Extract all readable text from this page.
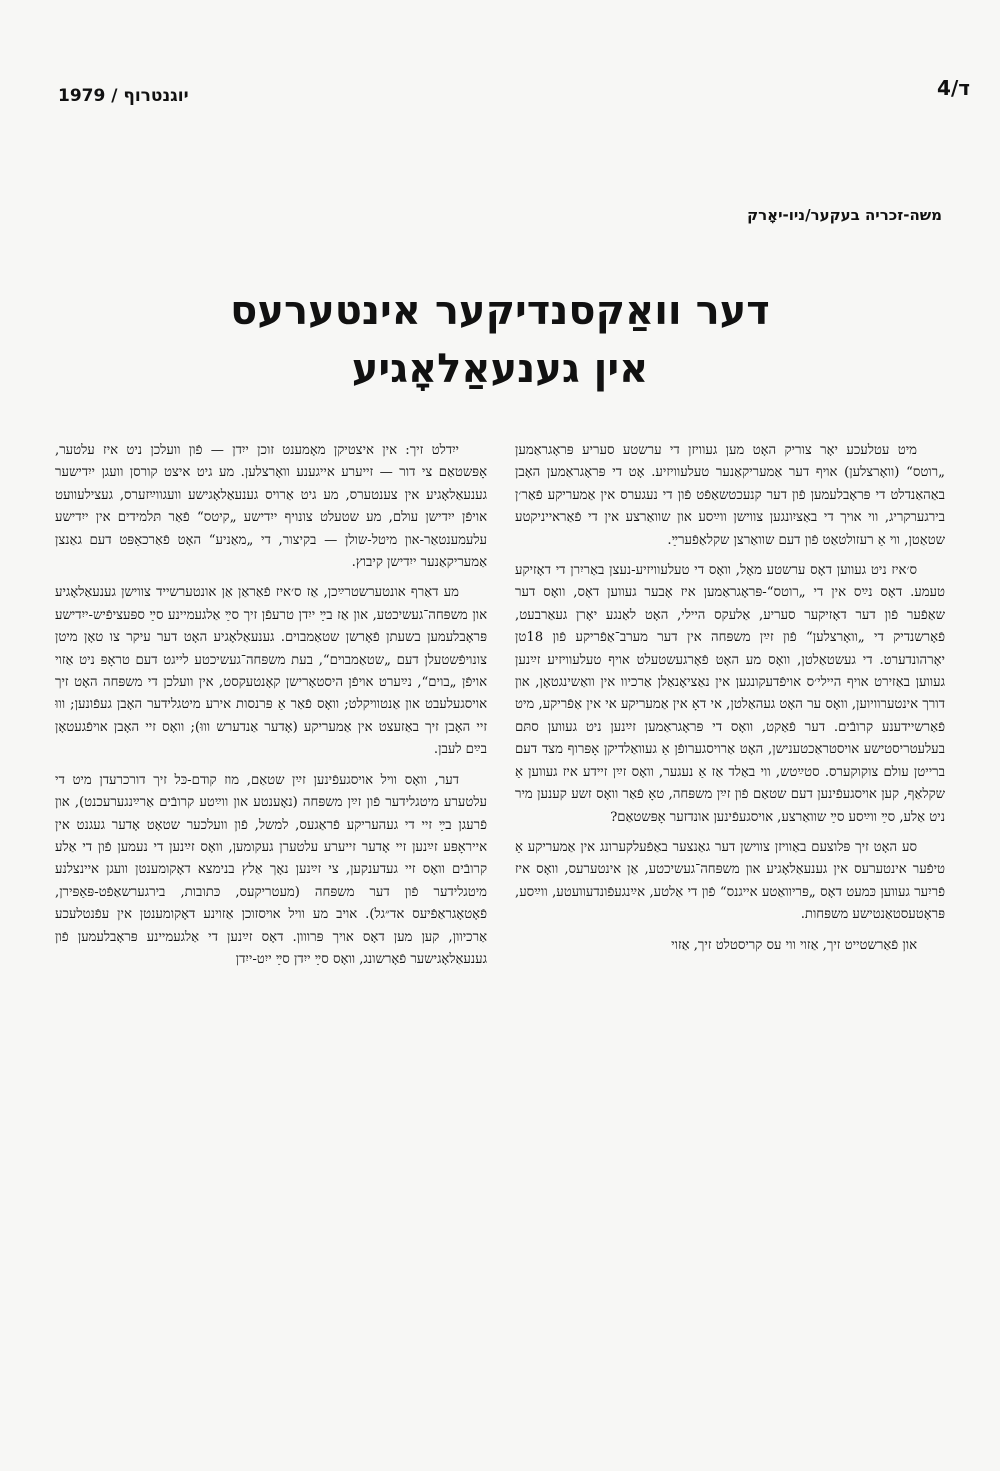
ד/4
יוגנטרוף / 1979
משה-זכריה בעקער/ניו-יאָרק
דער וואַקסנדיקער אינטערעס
אין גענעאַלאָגיע

מיט עטלעכע יאָר צוריק האָט מען געוויזן די ערשטע סעריע פּראָגראַמען „רוטס“ (וואָרצלען) אויף דער אַמעריקאַנער טעלעוויזיע. אָט די פּראָגראַמען האָבן באַהאַנדלט די פּראָבלעמען פֿון דער קנעכטשאַפֿט פֿון די נעגערס אין אַמעריקע פֿאַר׳ן בירגערקריג, ווי אויך די באַציִונגען צווישן ווײַסע און שוואַרצע אין די פֿאַראייניקטע שטאַטן, ווי אַ רעזולטאַט פֿון דעם שוואַרצן שקלאַפֿערײַ.

ס׳איז ניט געווען דאָס ערשטע מאָל, וואָס די טעלעוויזיע-נעצן באַריִרן די דאָזיקע טעמע. דאָס נײַס אין די „רוטס“-פּראָגראַמען איז אָבער געווען דאָס, וואָס דער שאַפֿער פֿון דער דאָזיקער סעריע, אַלעקס היילי, האָט לאַנגע יאָרן געאַרבעט, פֿאָרשנדיק די „וואָרצלען“ פֿון זײַן משפּחה אין דער מערב־אַפֿריקע פֿון 18טן יאָרהונדערט. די געשטאַלטן, וואָס מע האָט פֿאָרגעשטעלט אויף טעלעוויזיע זײַנען געווען באַזירט אויף היילי׳ס אויפֿדעקונגען אין נאַציאָנאַלן אַרכיוו אין וואַשינגטאָן, און דורך אינטערוויוען, וואָס ער האָט געהאַלטן, אי דאָ אין אַמעריקע אי אין אַפֿריקע, מיט פֿאַרשיידענע קרובֿים. דער פֿאַקט, וואָס די פּראָגראַמען זײַנען ניט געווען סתּם בעלעטריסטישע אויסטראַכטענישן, האָט אַרויסגערופֿן אַ געוואַלדיקן אָפּרוף מצד דעם ברייטן עולם צוקוקערס. סטײַטש, ווי באַלד אַז אַ נעגער, וואָס זײַן זיידע איז געווען אַ שקלאַף, קען אויסגעפֿינען דעם שטאַם פֿון זײַן משפּחה, טאָ פֿאַר וואָס זשע קענען מיר ניט אַלע, סײַ ווײַסע סײַ שוואַרצע, אויסגעפֿינען אונדזער אָפּשטאַם?

סע האָט זיך פּלוצעם באַוויזן צווישן דער גאַנצער באַפֿעלקערונג אין אַמעריקע אַ טיפֿער אינטערעס אין גענעאַלאָגיע און משפּחה־געשיכטע, אַן אינטערעס, וואָס איז פֿריִער געווען כּמעט דאָס „פּריוואַטע אייגנס“ פֿון די אַלטע, אײַנגעפֿונדעוועטע, ווײַסע, פּראָטעסטאַנטישע משפּחות.

און פֿאַרשטייט זיך, אַזוי ווי עס קריסטלט זיך, אַזוי

ייִדלט זיך: אין איצטיקן מאָמענט זוכן ייִדן — פֿון וועלכן ניט איז עלטער, אָפּשטאַם צי דור — זייערע אייגענע וואָרצלען. מע גיט איצט קורסן וועגן ייִדישער גענעאַלאָגיע אין צענטערס, מע גיט אַרויס גענעאַלאָגישע וועגווײַזערס, געצילעוועט אויפֿן ייִדישן עולם, מע שטעלט צונויף ייִדישע „קיטס“ פֿאַר תּלמידים אין ייִדישע עלעמענטאַר-און מיטל-שולן — בקיצור, די „מאַניע“ האָט פֿאַרכאַפּט דעם גאַנצן אַמעריקאַנער ייִדישן קיבוץ.

מע דאַרף אונטערשטרײַכן, אַז ס׳איז פֿאַראַן אַן אונטערשייד צווישן גענעאַלאָגיע און משפּחה־געשיכטע, און אַז בײַ ייִדן טרעפֿן זיך סײַ אַלגעמיינע סײַ ספּעציפֿיש-ייִדישע פּראָבלעמען בשעתן פֿאָרשן שטאַמבוים. גענעאַלאָגיע האָט דער עיקר צו טאָן מיטן צונויפֿשטעלן דעם „שטאַמבוים“, בעת משפּחה־געשיכטע לייגט דעם טראָפּ ניט אַזוי אויפֿן „בוים“, נײַערט אויפֿן היסטאָרישן קאָנטעקסט, אין וועלכן די משפּחה האָט זיך אויסגעלעבט און אַנטוויקלט; וואָס פֿאַר אַ פּרנסות אירע מיטגלידער האָבן געפֿונען; וווּ זיי האָבן זיך באַזעצט אין אַמעריקע (אָדער אַנדערש וווּ); וואָס זיי האָבן אויפֿגעטאָן בײַם לעבן.

דער, וואָס וויל אויסגעפֿינען זײַן שטאַם, מוז קודם-כּל זיך דורכרעדן מיט די עלטערע מיטגלידער פֿון זײַן משפּחה (נאָענטע און ווײַטע קרובֿים אַרײַנגערעכנט), און פֿרעגן בײַ זיי די געהעריקע פֿראַגעס, למשל, פֿון וועלכער שטאָט אָדער געגנט אין אייראָפּע זײַנען זיי אָדער זייערע עלטערן געקומען, וואָס זײַנען די נעמען פֿון די אַלע קרובֿים וואָס זיי געדענקען, צי זײַנען נאָך אַלץ בנימצא דאָקומענטן וועגן איינצלנע מיטגלידער פֿון דער משפּחה (מעטריקעס, כּתובות, בירגערשאַפֿט-פּאַפּירן, פֿאָטאָגראַפֿיעס אד״גל). אויב מע וויל אויסזוכן אַזוינע דאָקומענטן אין עפֿנטלעכע אַרכיוון, קען מען דאָס אויך פּרווון. דאָס זײַנען די אַלגעמיינע פּראָבלעמען פֿון גענעאַלאָגישער פֿאָרשונג, וואָס סײַ ייִדן סײַ ייִט-ייִדן
